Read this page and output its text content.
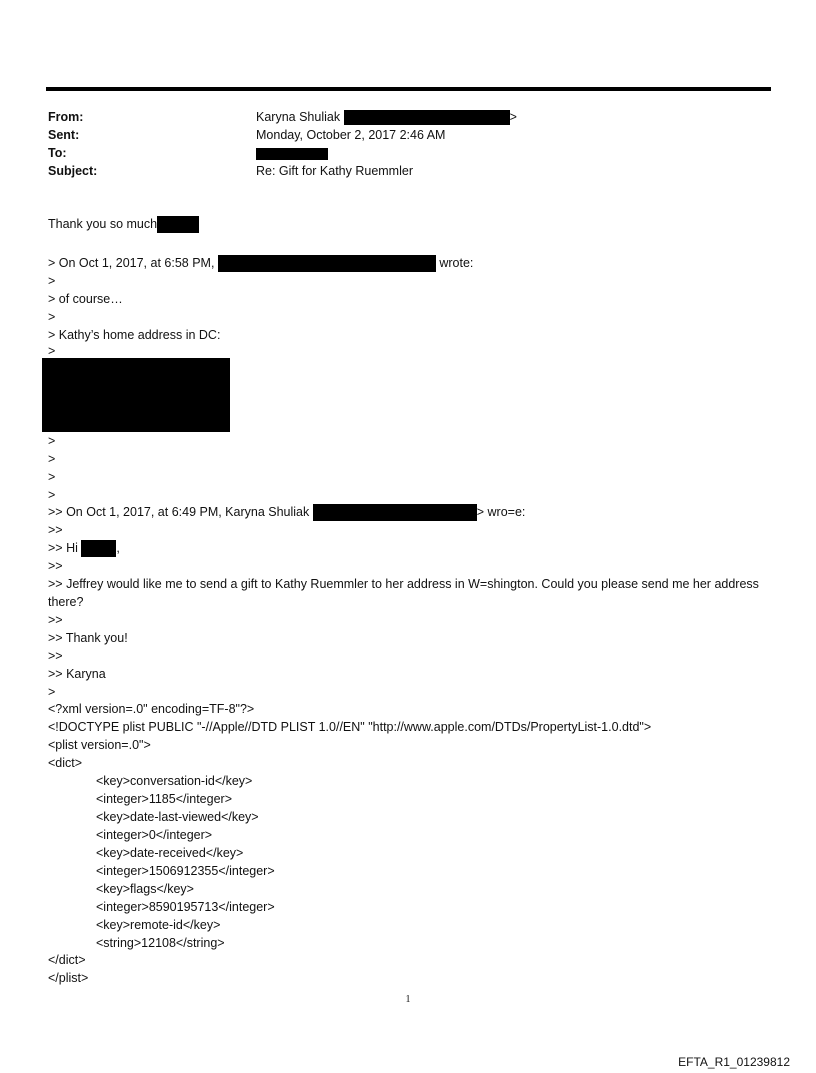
From:	Karyna Shuliak	>
Sent:	Monday, October 2, 2017 2:46 AM
To:
Subject:	Re: Gift for Kathy Ruemmler
Thank you so much
> On Oct 1, 2017, at 6:58 PM,	wrote:
>
> of course…
>
> Kathy’s home address in DC:
>
>
>
>
>
>> On Oct 1, 2017, at 6:49 PM, Karyna Shuliak	> wro=e:
>>
>> Hi	,
>>
>> Jeffrey would like me to send a gift to Kathy Ruemmler to her address in W=shington. Could you please send me her address there?
>>
>> Thank you!
>>
>> Karyna
>
<?xml version=.0" encoding=TF-8"?>
<!DOCTYPE plist PUBLIC "-//Apple//DTD PLIST 1.0//EN" "http://www.apple.com/DTDs/PropertyList-1.0.dtd">
<plist version=.0">
<dict>
<key>conversation-id</key>
<integer>1185</integer>
<key>date-last-viewed</key>
<integer>0</integer>
<key>date-received</key>
<integer>1506912355</integer>
<key>flags</key>
<integer>8590195713</integer>
<key>remote-id</key>
<string>12108</string>
</dict>
</plist>
1
EFTA_R1_01239812
